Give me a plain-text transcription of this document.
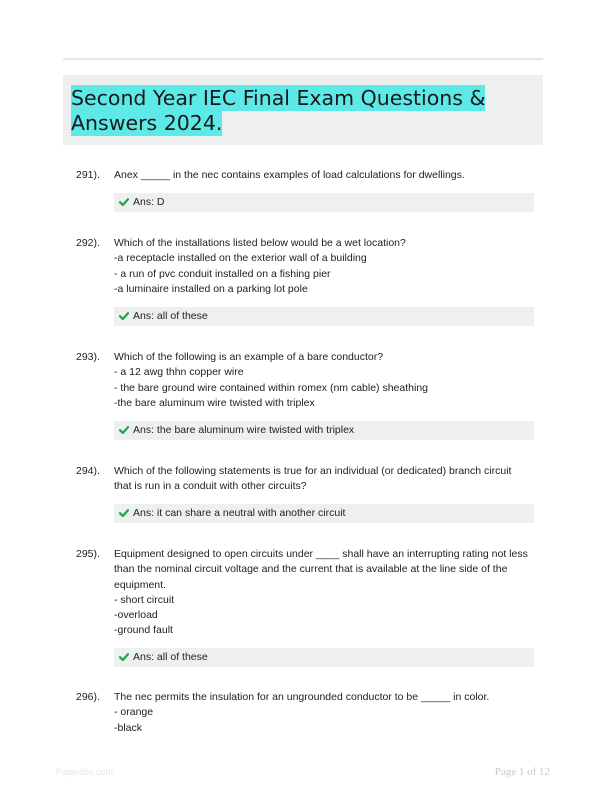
Second Year IEC Final Exam Questions & Answers 2024.
291). Anex _____ in the nec contains examples of load calculations for dwellings.
Ans: D
292). Which of the installations listed below would be a wet location?
-a receptacle installed on the exterior wall of a building
- a run of pvc conduit installed on a fishing pier
-a luminaire installed on a parking lot pole
Ans: all of these
293). Which of the following is an example of a bare conductor?
- a 12 awg thhn copper wire
- the bare ground wire contained within romex (nm cable) sheathing
-the bare aluminum wire twisted with triplex
Ans: the bare aluminum wire twisted with triplex
294). Which of the following statements is true for an individual (or dedicated) branch circuit
that is run in a conduit with other circuits?
Ans: it can share a neutral with another circuit
295). Equipment designed to open circuits under ____ shall have an interrupting rating not less
than the nominal circuit voltage and the current that is available at the line side of the
equipment.
- short circuit
-overload
-ground fault
Ans: all of these
296). The nec permits the insulation for an ungrounded conductor to be _____ in color.
- orange
-black
Paperlibs.com	Page 1 of 12
